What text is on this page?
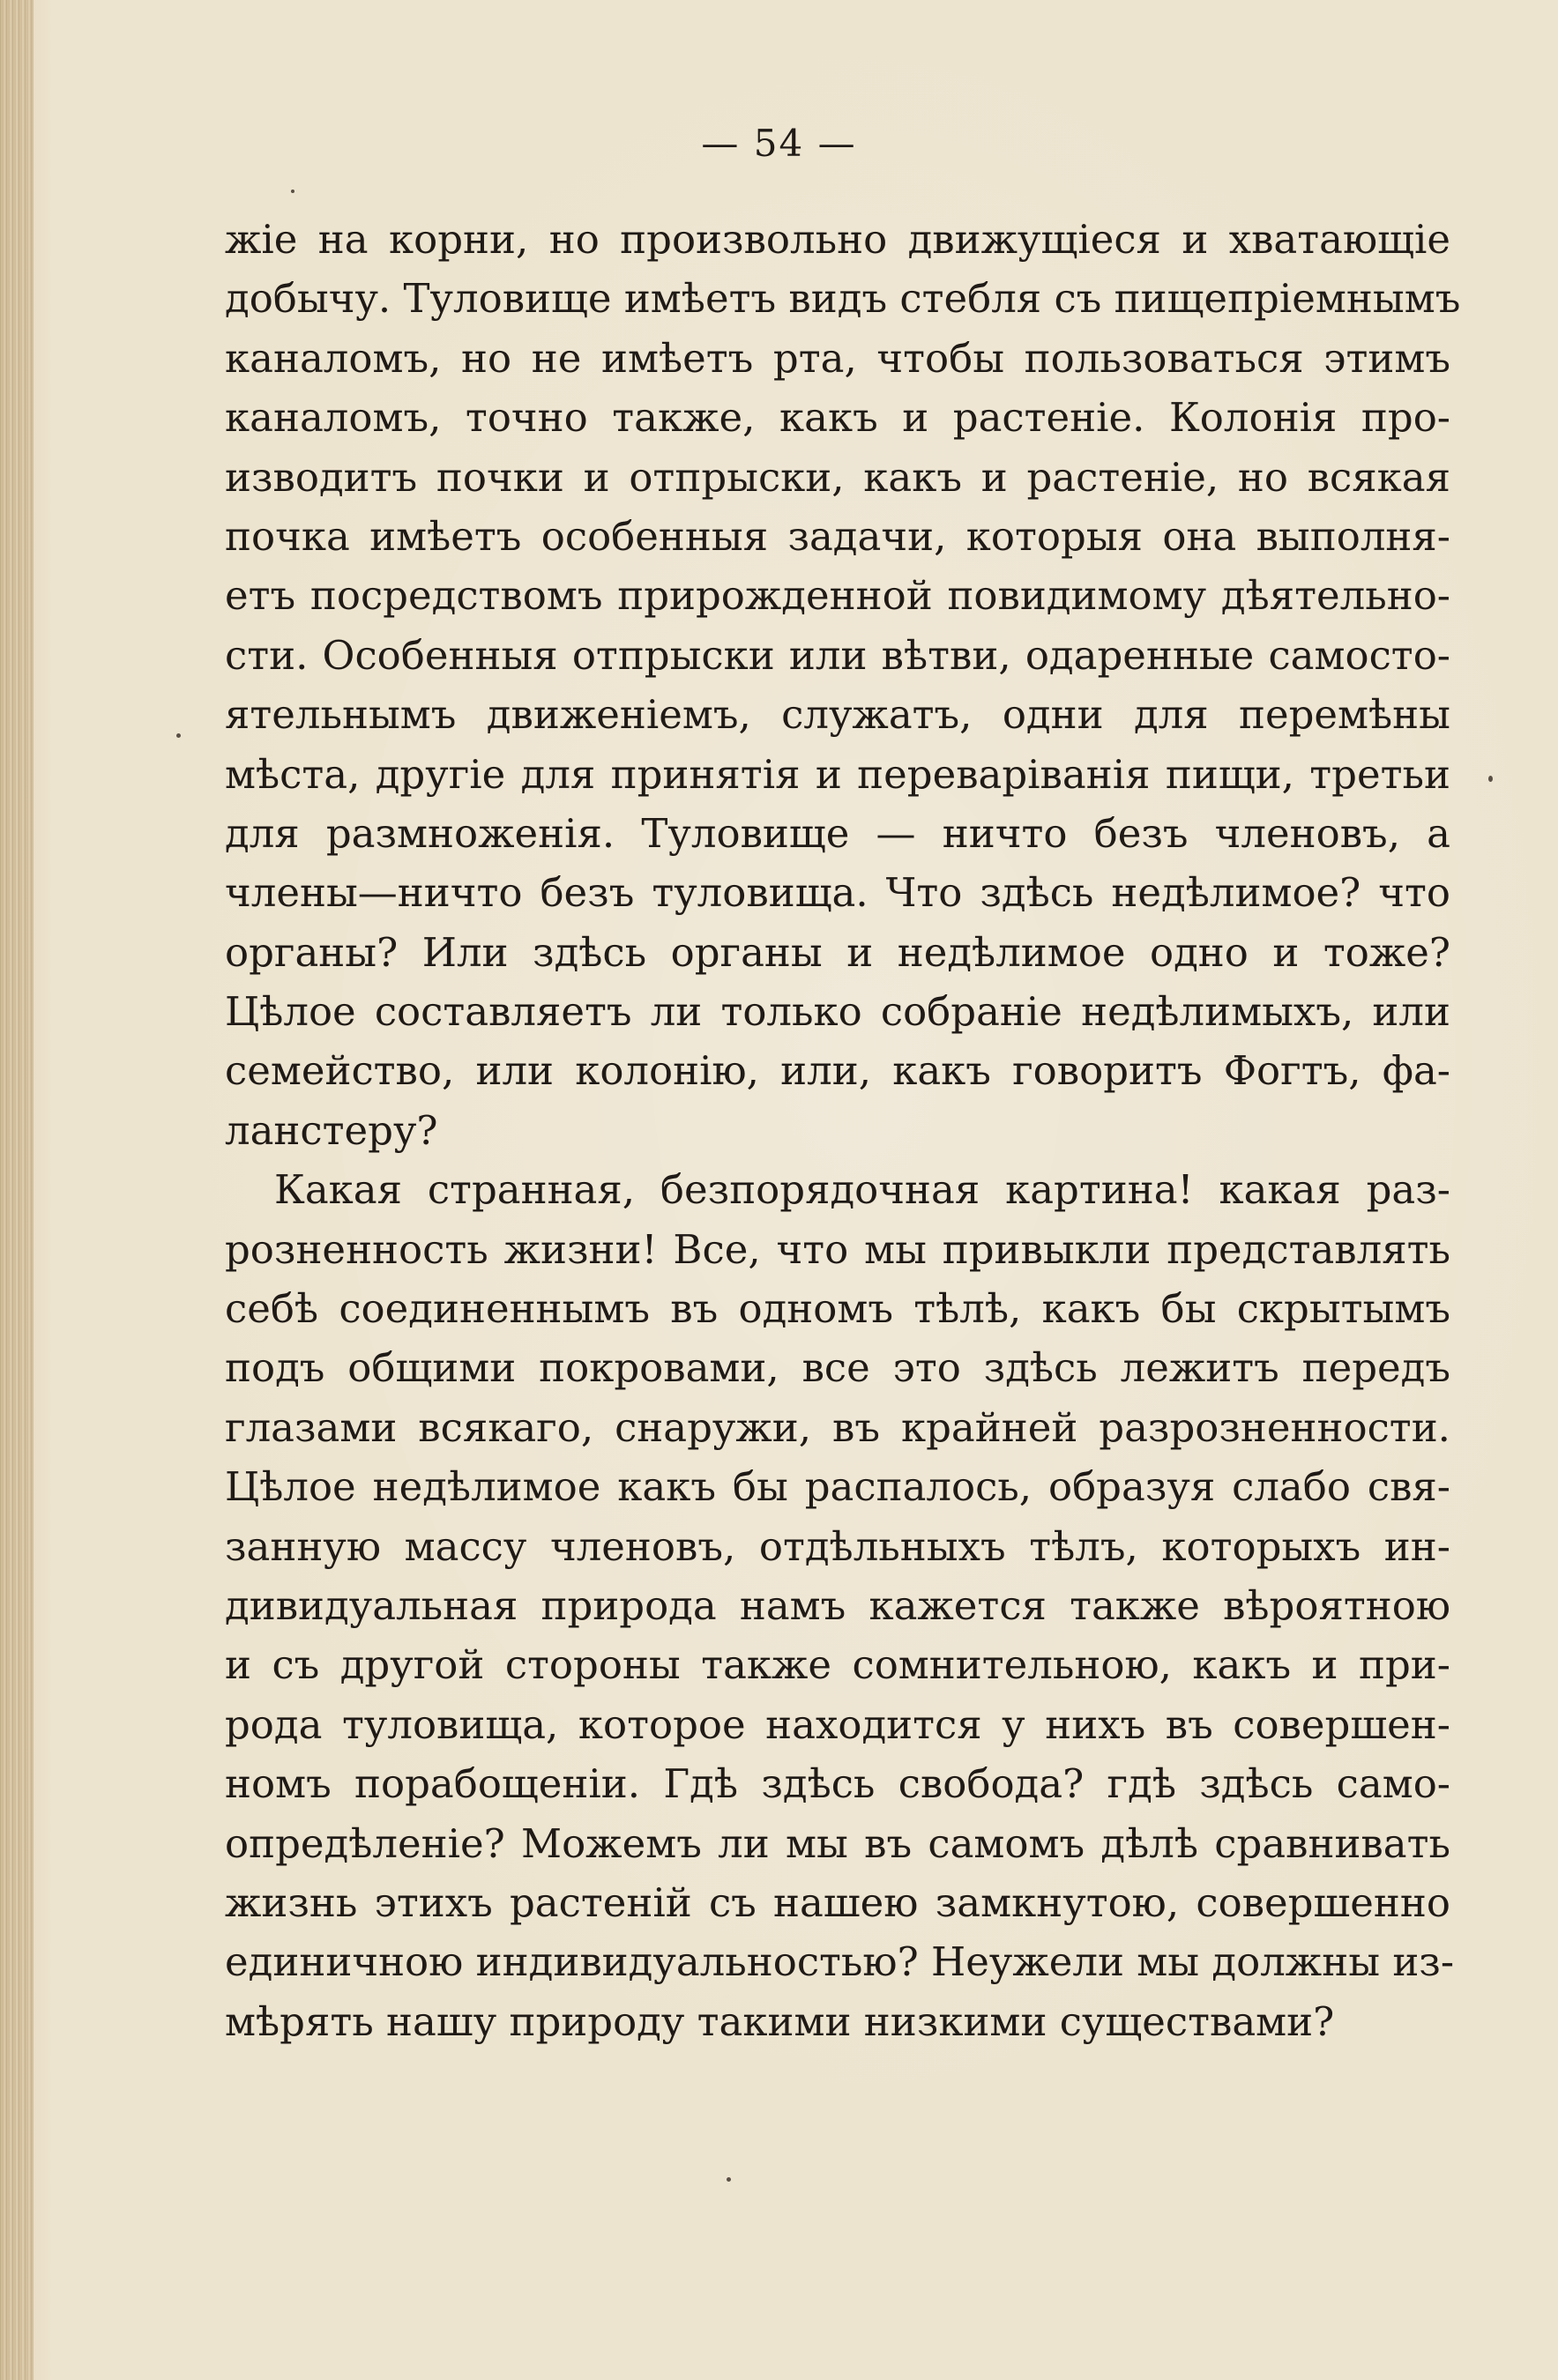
— 54 —
жіе на корни, но произвольно движущіеся и хватающіе
добычу. Туловище имѣетъ видъ стебля съ пищепріемнымъ
каналомъ, но не имѣетъ рта, чтобы пользоваться этимъ
каналомъ, точно также, какъ и растеніе. Колонія про-
изводитъ почки и отпрыски, какъ и растеніе, но всякая
почка имѣетъ особенныя задачи, которыя она выполня-
етъ посредствомъ прирожденной повидимому дѣятельно-
сти. Особенныя отпрыски или вѣтви, одаренные самосто-
ятельнымъ движеніемъ, служатъ, одни для перемѣны
мѣста, другіе для принятія и переваріванія пищи, третьи
для размноженія. Туловище — ничто безъ членовъ, а
члены—ничто безъ туловища. Что здѣсь недѣлимое? что
органы? Или здѣсь органы и недѣлимое одно и тоже?
Цѣлое составляетъ ли только собраніе недѣлимыхъ, или
семейство, или колонію, или, какъ говоритъ Фогтъ, фа-
ланстеру?
Какая странная, безпорядочная картина! какая раз-
розненность жизни! Все, что мы привыкли представлять
себѣ соединеннымъ въ одномъ тѣлѣ, какъ бы скрытымъ
подъ общими покровами, все это здѣсь лежитъ передъ
глазами всякаго, снаружи, въ крайней разрозненности.
Цѣлое недѣлимое какъ бы распалось, образуя слабо свя-
занную массу членовъ, отдѣльныхъ тѣлъ, которыхъ ин-
дивидуальная природа намъ кажется также вѣроятною
и съ другой стороны также сомнительною, какъ и при-
рода туловища, которое находится у нихъ въ совершен-
номъ порабощеніи. Гдѣ здѣсь свобода? гдѣ здѣсь само-
опредѣленіе? Можемъ ли мы въ самомъ дѣлѣ сравнивать
жизнь этихъ растеній съ нашею замкнутою, совершенно
единичною индивидуальностью? Неужели мы должны из-
мѣрять нашу природу такими низкими существами?
